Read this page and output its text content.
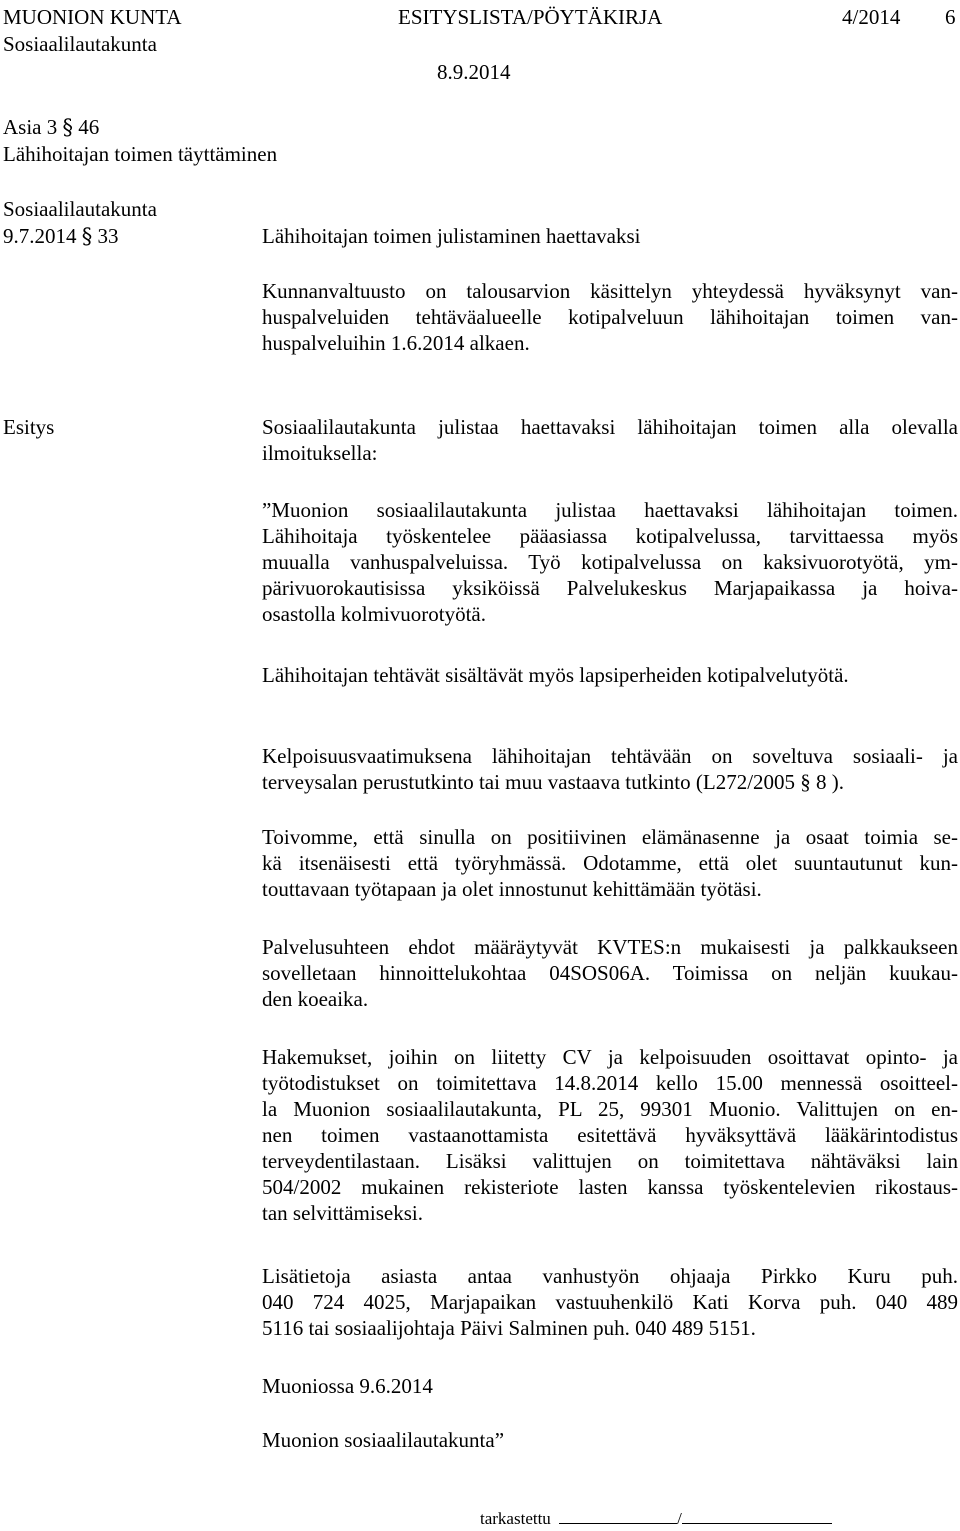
MUONION KUNTA	ESITYSLISTA/PÖYTÄKIRJA	4/2014 6
Sosiaalilautakunta
8.9.2014
Asia 3 § 46
Lähihoitajan toimen täyttäminen
Sosiaalilautakunta
9.7.2014 § 33	Lähihoitajan toimen julistaminen haettavaksi
Kunnanvaltuusto on talousarvion käsittelyn yhteydessä hyväksynyt van-
huspalveluiden tehtäväalueelle kotipalveluun lähihoitajan toimen van-
huspalveluihin 1.6.2014 alkaen.
Esitys	Sosiaalilautakunta julistaa haettavaksi lähihoitajan toimen alla olevalla
ilmoituksella:
”Muonion sosiaalilautakunta julistaa haettavaksi lähihoitajan toimen.
Lähihoitaja työskentelee pääasiassa kotipalvelussa, tarvittaessa myös
muualla vanhuspalveluissa. Työ kotipalvelussa on kaksivuorotyötä, ym-
pärivuorokautisissa yksiköissä Palvelukeskus Marjapaikassa ja hoiva-
osastolla kolmivuorotyötä.
Lähihoitajan tehtävät sisältävät myös lapsiperheiden kotipalvelutyötä.
Kelpoisuusvaatimuksena lähihoitajan tehtävään on soveltuva sosiaali- ja
terveysalan perustutkinto tai muu vastaava tutkinto (L272/2005 § 8 ).
Toivomme, että sinulla on positiivinen elämänasenne ja osaat toimia se-
kä itsenäisesti että työryhmässä. Odotamme, että olet suuntautunut kun-
touttavaan työtapaan ja olet innostunut kehittämään työtäsi.
Palvelusuhteen ehdot määräytyvät KVTES:n mukaisesti ja palkkaukseen
sovelletaan hinnoittelukohtaa 04SOS06A. Toimissa on neljän kuukau-
den koeaika.
Hakemukset, joihin on liitetty CV ja kelpoisuuden osoittavat opinto- ja
työtodistukset on toimitettava 14.8.2014 kello 15.00 mennessä osoitteel-
la Muonion sosiaalilautakunta, PL 25, 99301 Muonio. Valittujen on en-
nen toimen vastaanottamista esitettävä hyväksyttävä lääkärintodistus
terveydentilastaan. Lisäksi valittujen on toimitettava nähtäväksi lain
504/2002 mukainen rekisteriote lasten kanssa työskentelevien rikostaus-
tan selvittämiseksi.
Lisätietoja asiasta antaa vanhustyön ohjaaja Pirkko Kuru puh.
040 724 4025, Marjapaikan vastuuhenkilö Kati Korva puh. 040 489
5116 tai sosiaalijohtaja Päivi Salminen puh. 040 489 5151.
Muoniossa 9.6.2014
Muonion sosiaalilautakunta”
tarkastettu	/
